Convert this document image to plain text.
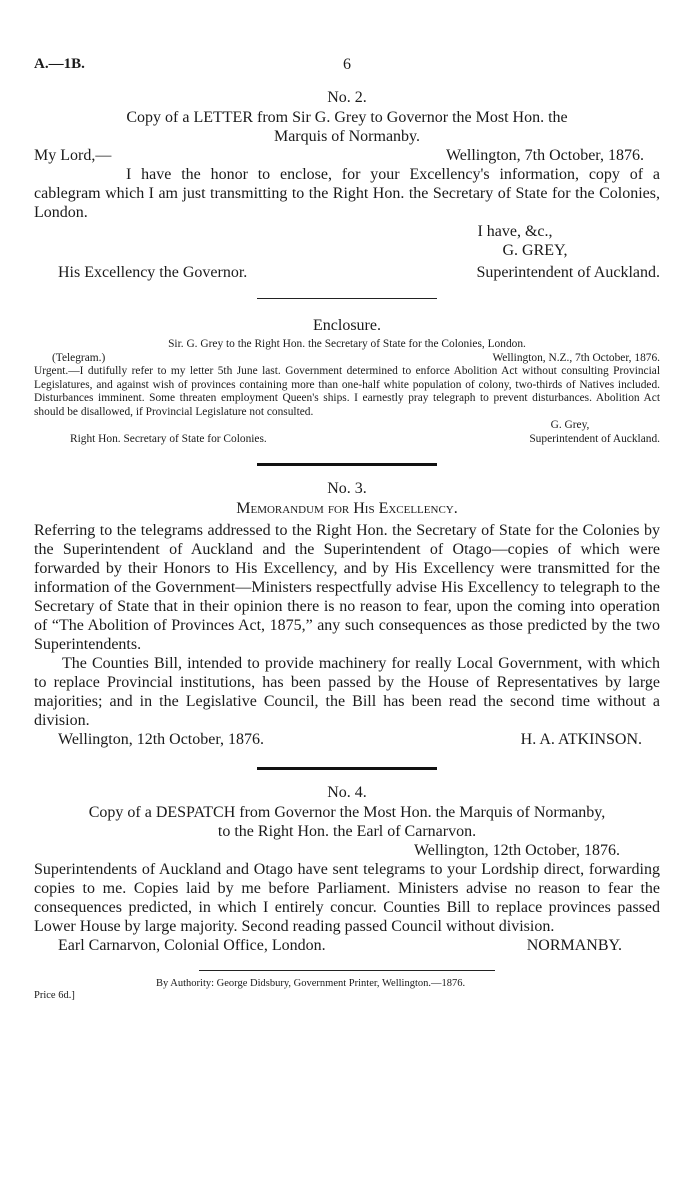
A.—1B.	6
No. 2.
Copy of a LETTER from Sir G. Grey to Governor the Most Hon. the
Marquis of Normanby.
My Lord,—	Wellington, 7th October, 1876.
I have the honor to enclose, for your Excellency's information, copy of a cablegram which I am just transmitting to the Right Hon. the Secretary of State for the Colonies, London.
I have, &c.,
G. GREY,
His Excellency the Governor.	Superintendent of Auckland.
Enclosure.
Sir. G. Grey to the Right Hon. the Secretary of State for the Colonies, London.
(Telegram.)	Wellington, N.Z., 7th October, 1876.
Urgent.—I dutifully refer to my letter 5th June last. Government determined to enforce Abolition Act without consulting Provincial Legislatures, and against wish of provinces containing more than one-half white population of colony, two-thirds of Natives included. Disturbances imminent. Some threaten employment Queen's ships. I earnestly pray telegraph to prevent disturbances. Abolition Act should be disallowed, if Provincial Legislature not consulted.
G. Grey,
Right Hon. Secretary of State for Colonies.	Superintendent of Auckland.
No. 3.
Memorandum for His Excellency.
Referring to the telegrams addressed to the Right Hon. the Secretary of State for the Colonies by the Superintendent of Auckland and the Superintendent of Otago—copies of which were forwarded by their Honors to His Excellency, and by His Excellency were transmitted for the information of the Government—Ministers respectfully advise His Excellency to telegraph to the Secretary of State that in their opinion there is no reason to fear, upon the coming into operation of “The Abolition of Provinces Act, 1875,” any such consequences as those predicted by the two Superintendents.
The Counties Bill, intended to provide machinery for really Local Government, with which to replace Provincial institutions, has been passed by the House of Representatives by large majorities; and in the Legislative Council, the Bill has been read the second time without a division.
Wellington, 12th October, 1876.	H. A. ATKINSON.
No. 4.
Copy of a DESPATCH from Governor the Most Hon. the Marquis of Normanby,
to the Right Hon. the Earl of Carnarvon.
Wellington, 12th October, 1876.
Superintendents of Auckland and Otago have sent telegrams to your Lordship direct, forwarding copies to me. Copies laid by me before Parliament. Ministers advise no reason to fear the consequences predicted, in which I entirely concur. Counties Bill to replace provinces passed Lower House by large majority. Second reading passed Council without division.
Earl Carnarvon, Colonial Office, London.	NORMANBY.
By Authority: George Didsbury, Government Printer, Wellington.—1876.
Price 6d.]
